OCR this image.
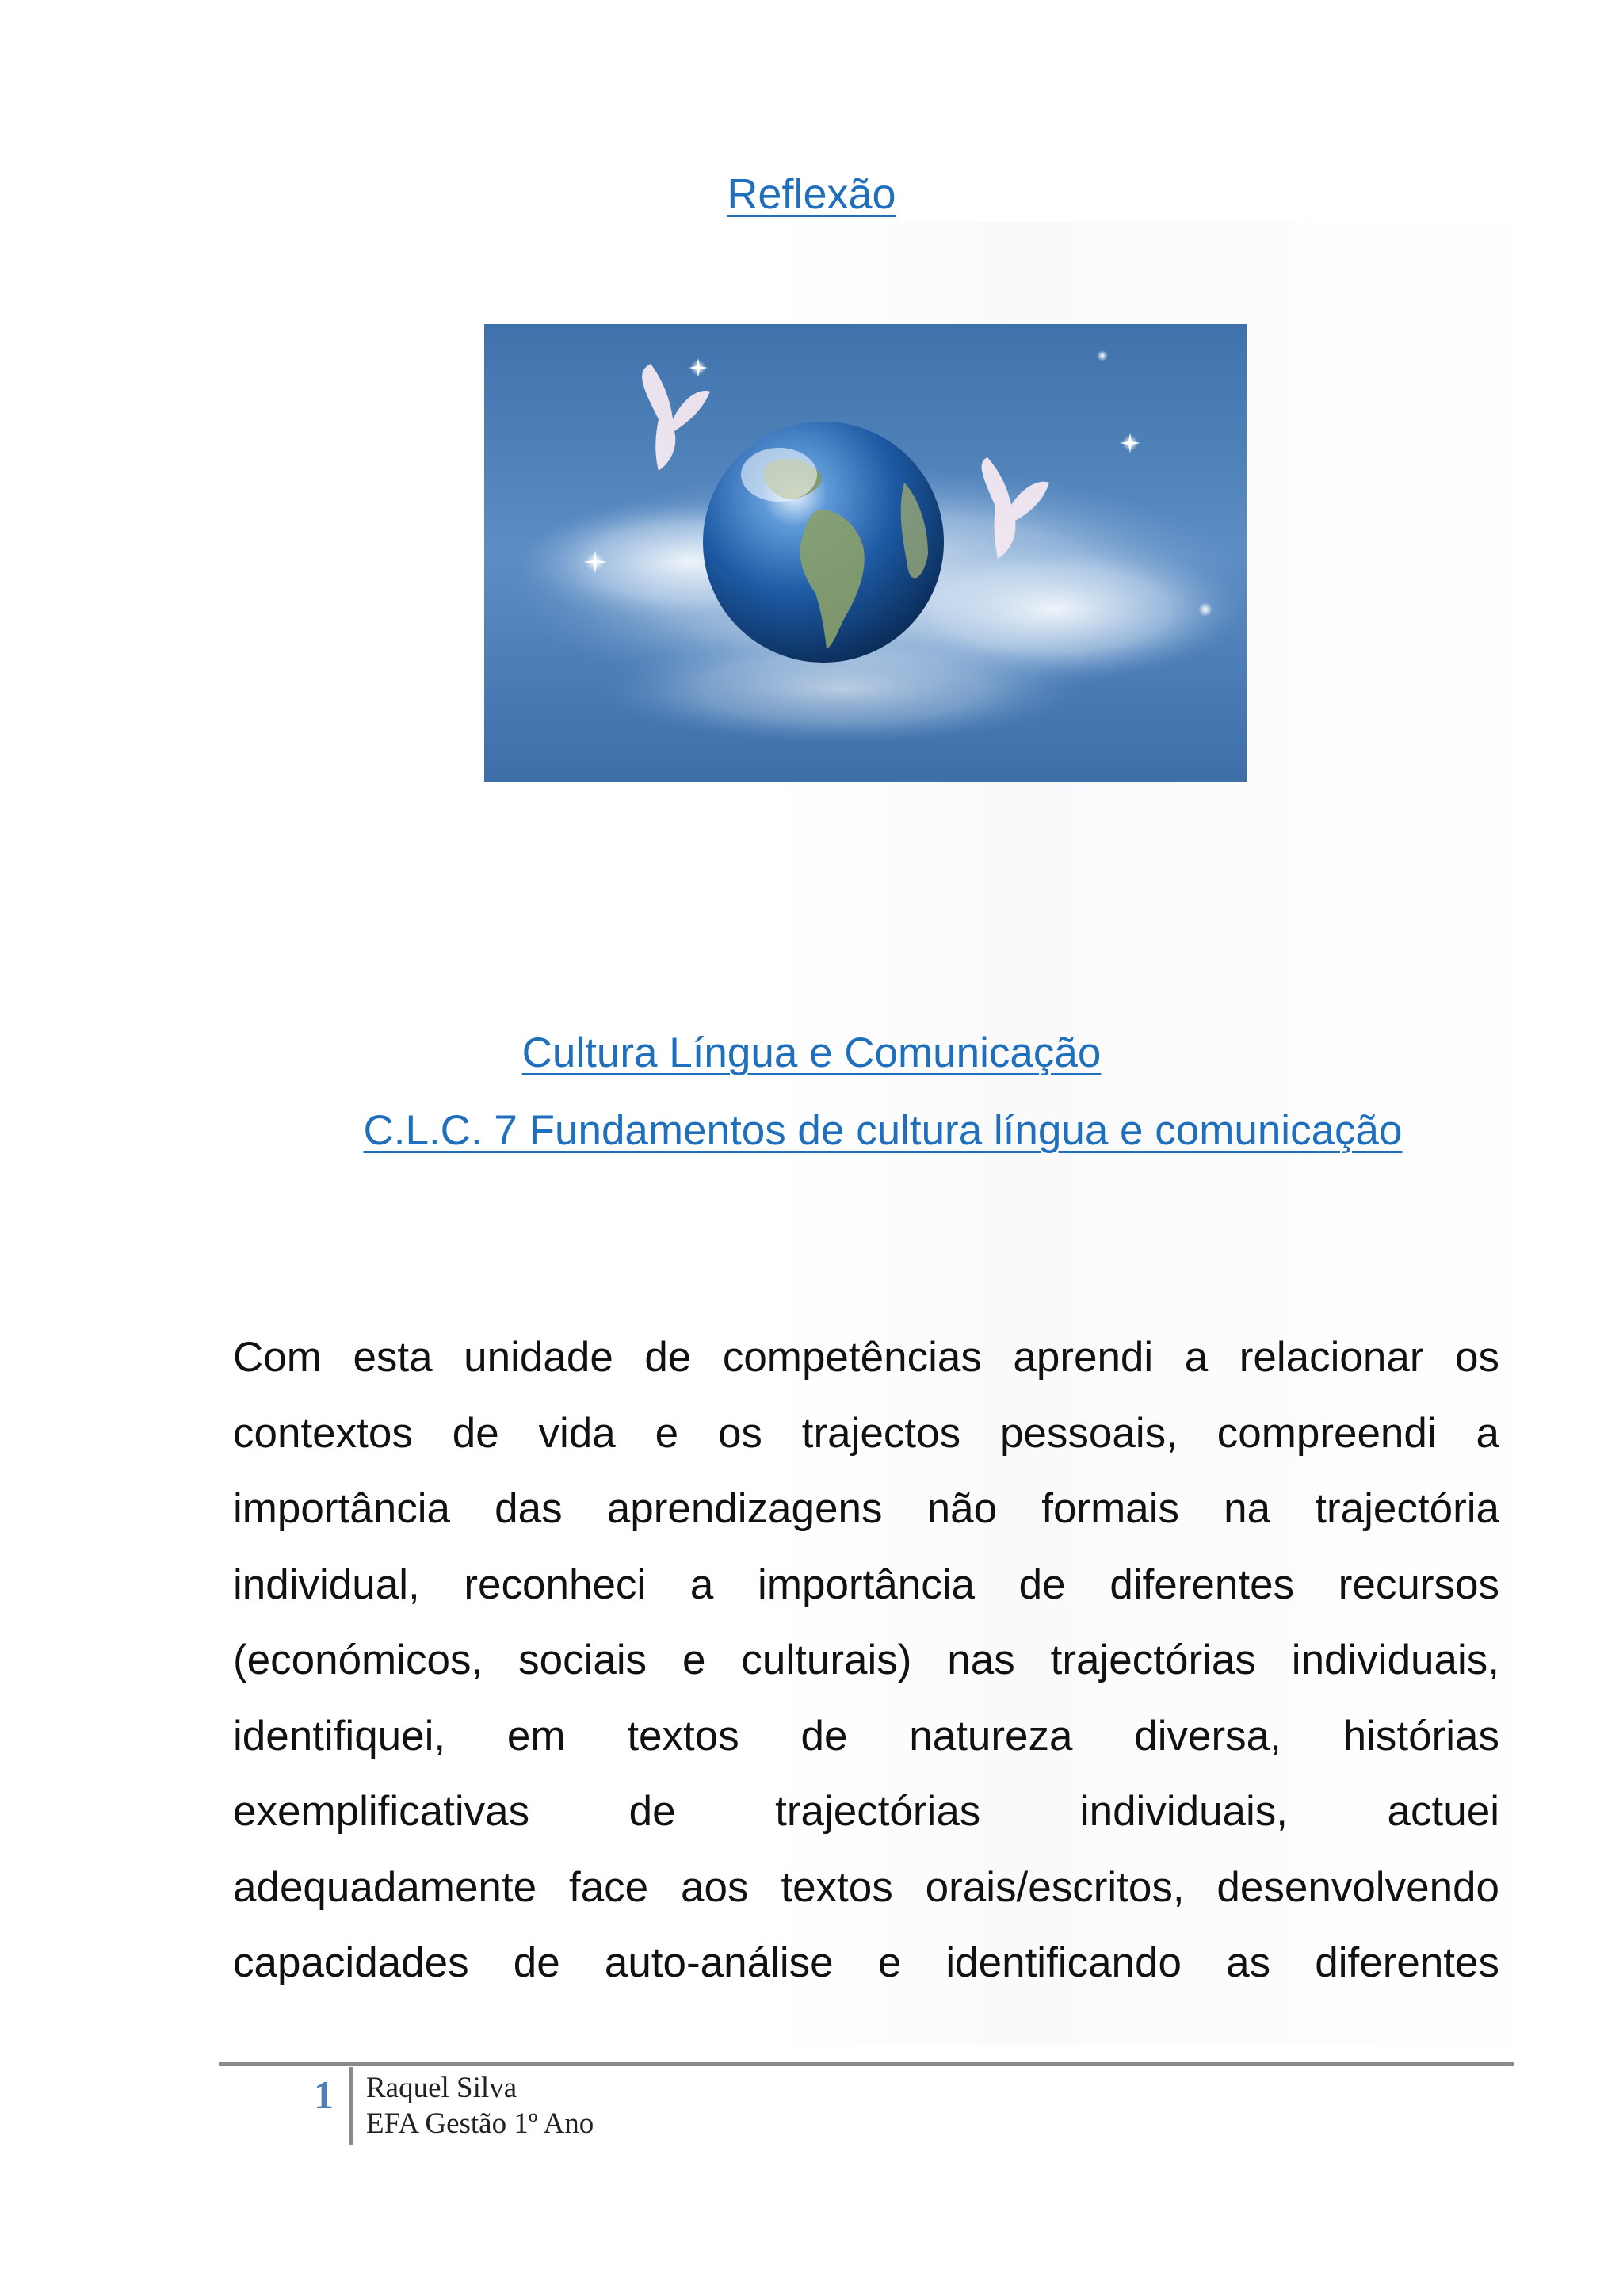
Reflexão
Cultura Língua e Comunicação
C.L.C. 7 Fundamentos de cultura língua e comunicação
Com esta unidade de competências aprendi a relacionar os
contextos de vida e os trajectos pessoais, compreendi a
importância das aprendizagens não formais na trajectória
individual, reconheci a importância de diferentes recursos
(económicos, sociais e culturais) nas trajectórias individuais,
identifiquei, em textos de natureza diversa, histórias
exemplificativas de trajectórias individuais, actuei
adequadamente face aos textos orais/escritos, desenvolvendo
capacidades de auto-análise e identificando as diferentes
1 Raquel Silva
EFA Gestão 1º Ano
